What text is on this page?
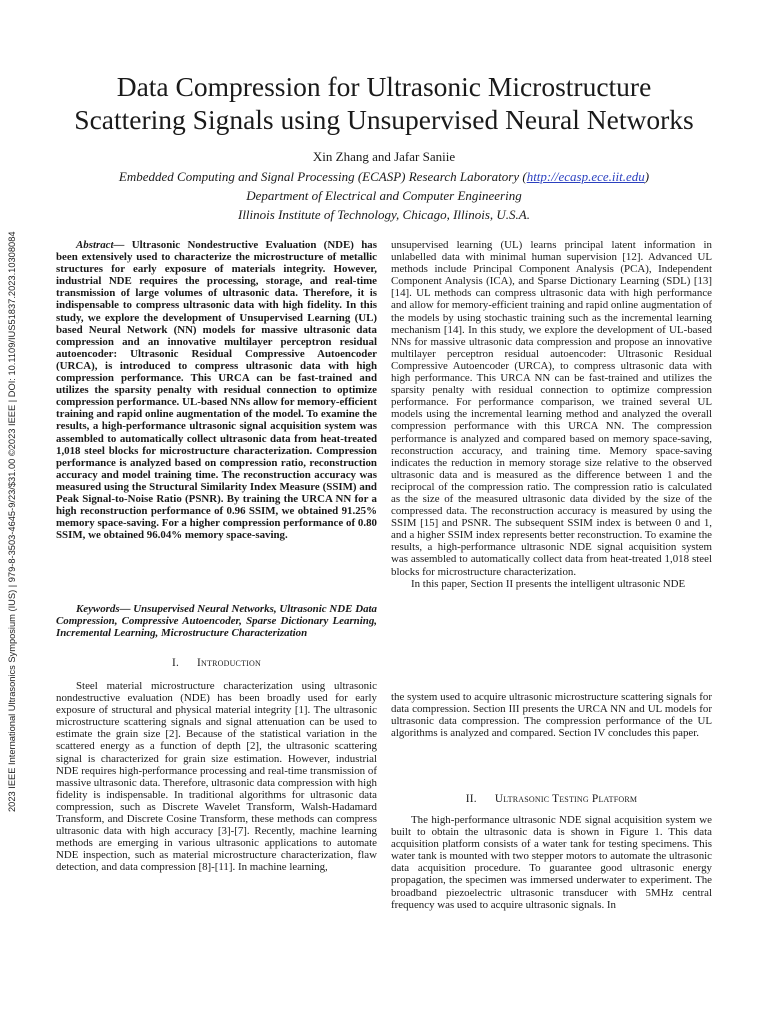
Data Compression for Ultrasonic Microstructure
Scattering Signals using Unsupervised Neural Networks
Xin Zhang and Jafar Saniie
Embedded Computing and Signal Processing (ECASP) Research Laboratory (http://ecasp.ece.iit.edu)
Department of Electrical and Computer Engineering
Illinois Institute of Technology, Chicago, Illinois, U.S.A.
2023 IEEE International Ultrasonics Symposium (IUS) | 979-8-3503-4645-9/23/$31.00 ©2023 IEEE | DOI: 10.1109/IUS51837.2023.10308084	Abstract— Ultrasonic Nondestructive Evaluation (NDE) has been extensively used to characterize the microstructure of metallic structures for early exposure of materials integrity. However, industrial NDE requires the processing, storage, and real-time transmission of large volumes of ultrasonic data. Therefore, it is indispensable to compress ultrasonic data with high fidelity. In this study, we explore the development of Unsupervised Learning (UL) based Neural Network (NN) models for massive ultrasonic data compression and an innovative multilayer perceptron residual autoencoder: Ultrasonic Residual Compressive Autoencoder (URCA), is introduced to compress ultrasonic data with high compression performance. This URCA can be fast-trained and utilizes the sparsity penalty with residual connection to optimize compression performance. UL-based NNs allow for memory-efficient training and rapid online augmentation of the model. To examine the results, a high-performance ultrasonic signal acquisition system was assembled to automatically collect ultrasonic data from heat-treated 1,018 steel blocks for microstructure characterization. Compression performance is analyzed based on compression ratio, reconstruction accuracy and model training time. The reconstruction accuracy was measured using the Structural Similarity Index Measure (SSIM) and Peak Signal-to-Noise Ratio (PSNR). By training the URCA NN for a high reconstruction performance of 0.96 SSIM, we obtained 91.25% memory space-saving. For a higher compression performance of 0.80 SSIM, we obtained 96.04% memory space-saving.

Keywords— Unsupervised Neural Networks, Ultrasonic NDE Data Compression, Compressive Autoencoder, Sparse Dictionary Learning, Incremental Learning, Microstructure Characterization

I. Introduction

Steel material microstructure characterization using ultrasonic nondestructive evaluation (NDE) has been broadly used for early exposure of structural and physical material integrity [1]. The ultrasonic microstructure scattering signals and signal attenuation can be used to estimate the grain size [2]. Because of the statistical variation in the scattered energy as a function of depth [2], the ultrasonic scattering signal is characterized for grain size estimation. However, industrial NDE requires high-performance processing and real-time transmission of massive ultrasonic data. Therefore, ultrasonic data compression with high fidelity is indispensable. In traditional algorithms for ultrasonic data compression, such as Discrete Wavelet Transform, Walsh-Hadamard Transform, and Discrete Cosine Transform, these methods can compress ultrasonic data with high accuracy [3]-[7]. Recently, machine learning methods are emerging in various ultrasonic applications to automate NDE inspection, such as material microstructure characterization, flaw detection, and data compression [8]-[11]. In machine learning,

unsupervised learning (UL) learns principal latent information in unlabelled data with minimal human supervision [12]. Advanced UL methods include Principal Component Analysis (PCA), Independent Component Analysis (ICA), and Sparse Dictionary Learning (SDL) [13][14]. UL methods can compress ultrasonic data with high performance and allow for memory-efficient training and rapid online augmentation of the models by using stochastic training such as the incremental learning mechanism [14]. In this study, we explore the development of UL-based NNs for massive ultrasonic data compression and propose an innovative multilayer perceptron residual autoencoder: Ultrasonic Residual Compressive Autoencoder (URCA), to compress ultrasonic data with high performance. This URCA NN can be fast-trained and utilizes the sparsity penalty with residual connection to optimize compression performance. For performance comparison, we trained several UL models using the incremental learning method and analyzed the overall compression performance with this URCA NN. The compression performance is analyzed and compared based on memory space-saving, reconstruction accuracy, and training time. Memory space-saving indicates the reduction in memory storage size relative to the observed ultrasonic data and is measured as the difference between 1 and the reciprocal of the compression ratio. The compression ratio is calculated as the size of the measured ultrasonic data divided by the size of the compressed data. The reconstruction accuracy is measured by using the SSIM [15] and PSNR. The subsequent SSIM index is between 0 and 1, and a higher SSIM index represents better reconstruction. To examine the results, a high-performance ultrasonic NDE signal acquisition system was assembled to automatically collect data from heat-treated 1,018 steel blocks for microstructure characterization.

In this paper, Section II presents the intelligent ultrasonic NDE

the system used to acquire ultrasonic microstructure scattering signals for data compression. Section III presents the URCA NN and UL models for ultrasonic data compression. The compression performance of the UL algorithms is analyzed and compared. Section IV concludes this paper.

II. Ultrasonic Testing Platform

The high-performance ultrasonic NDE signal acquisition system we built to obtain the ultrasonic data is shown in Figure 1. This data acquisition platform consists of a water tank for testing specimens. This water tank is mounted with two stepper motors to automate the ultrasonic data acquisition procedure. To guarantee good ultrasonic energy propagation, the specimen was immersed underwater to experiment. The broadband piezoelectric ultrasonic transducer with 5MHz central frequency was used to acquire ultrasonic signals. In
